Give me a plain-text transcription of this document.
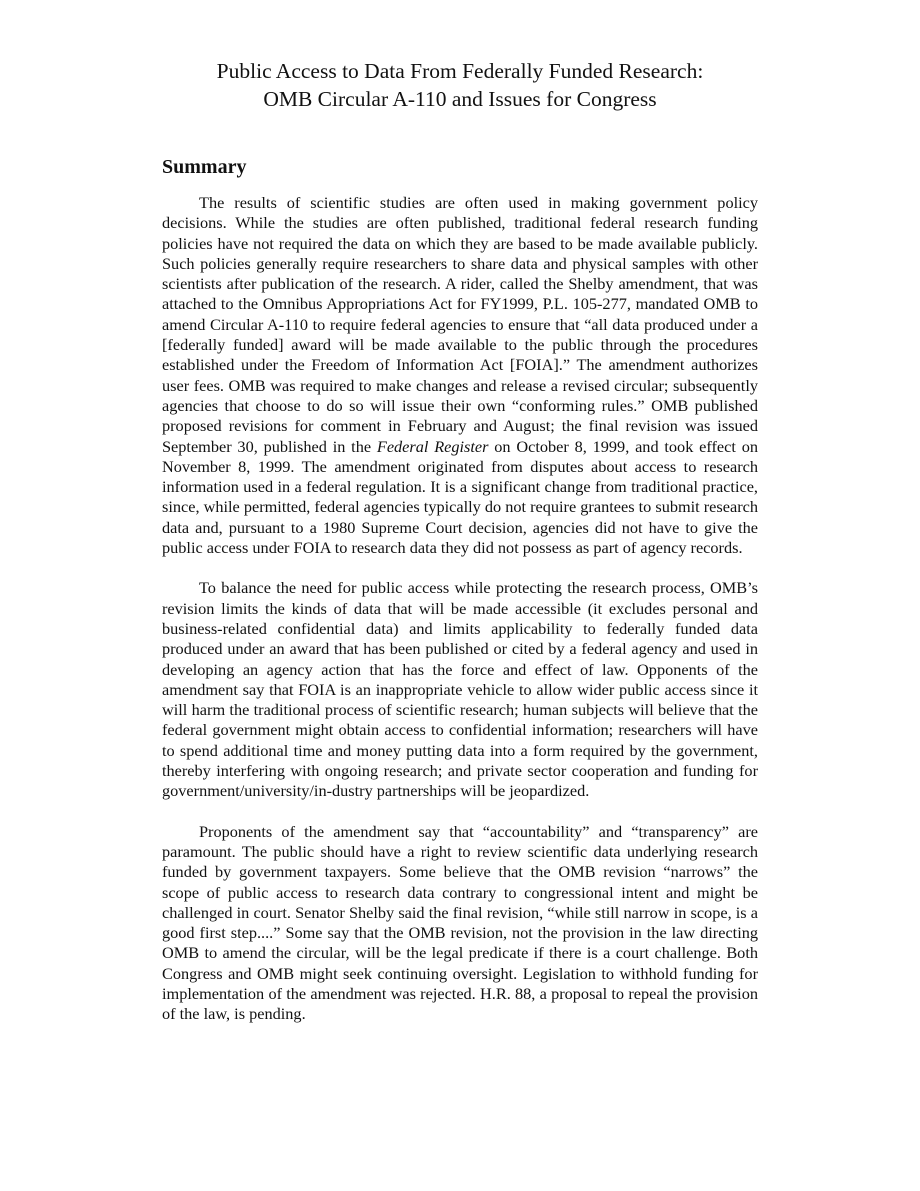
Public Access to Data From Federally Funded Research:
OMB Circular A-110 and Issues for Congress
Summary

The results of scientific studies are often used in making government policy decisions. While the studies are often published, traditional federal research funding policies have not required the data on which they are based to be made available publicly. Such policies generally require researchers to share data and physical samples with other scientists after publication of the research. A rider, called the Shelby amendment, that was attached to the Omnibus Appropriations Act for FY1999, P.L. 105-277, mandated OMB to amend Circular A-110 to require federal agencies to ensure that “all data produced under a [federally funded] award will be made available to the public through the procedures established under the Freedom of Information Act [FOIA].” The amendment authorizes user fees. OMB was required to make changes and release a revised circular; subsequently agencies that choose to do so will issue their own “conforming rules.” OMB published proposed revisions for comment in February and August; the final revision was issued September 30, published in the Federal Register on October 8, 1999, and took effect on November 8, 1999. The amendment originated from disputes about access to research information used in a federal regulation. It is a significant change from traditional practice, since, while permitted, federal agencies typically do not require grantees to submit research data and, pursuant to a 1980 Supreme Court decision, agencies did not have to give the public access under FOIA to research data they did not possess as part of agency records.

To balance the need for public access while protecting the research process, OMB’s revision limits the kinds of data that will be made accessible (it excludes personal and business-related confidential data) and limits applicability to federally funded data produced under an award that has been published or cited by a federal agency and used in developing an agency action that has the force and effect of law. Opponents of the amendment say that FOIA is an inappropriate vehicle to allow wider public access since it will harm the traditional process of scientific research; human subjects will believe that the federal government might obtain access to confidential information; researchers will have to spend additional time and money putting data into a form required by the government, thereby interfering with ongoing research; and private sector cooperation and funding for government/university/in-dustry partnerships will be jeopardized.

Proponents of the amendment say that “accountability” and “transparency” are paramount. The public should have a right to review scientific data underlying research funded by government taxpayers. Some believe that the OMB revision “narrows” the scope of public access to research data contrary to congressional intent and might be challenged in court. Senator Shelby said the final revision, “while still narrow in scope, is a good first step....” Some say that the OMB revision, not the provision in the law directing OMB to amend the circular, will be the legal predicate if there is a court challenge. Both Congress and OMB might seek continuing oversight. Legislation to withhold funding for implementation of the amendment was rejected. H.R. 88, a proposal to repeal the provision of the law, is pending.
